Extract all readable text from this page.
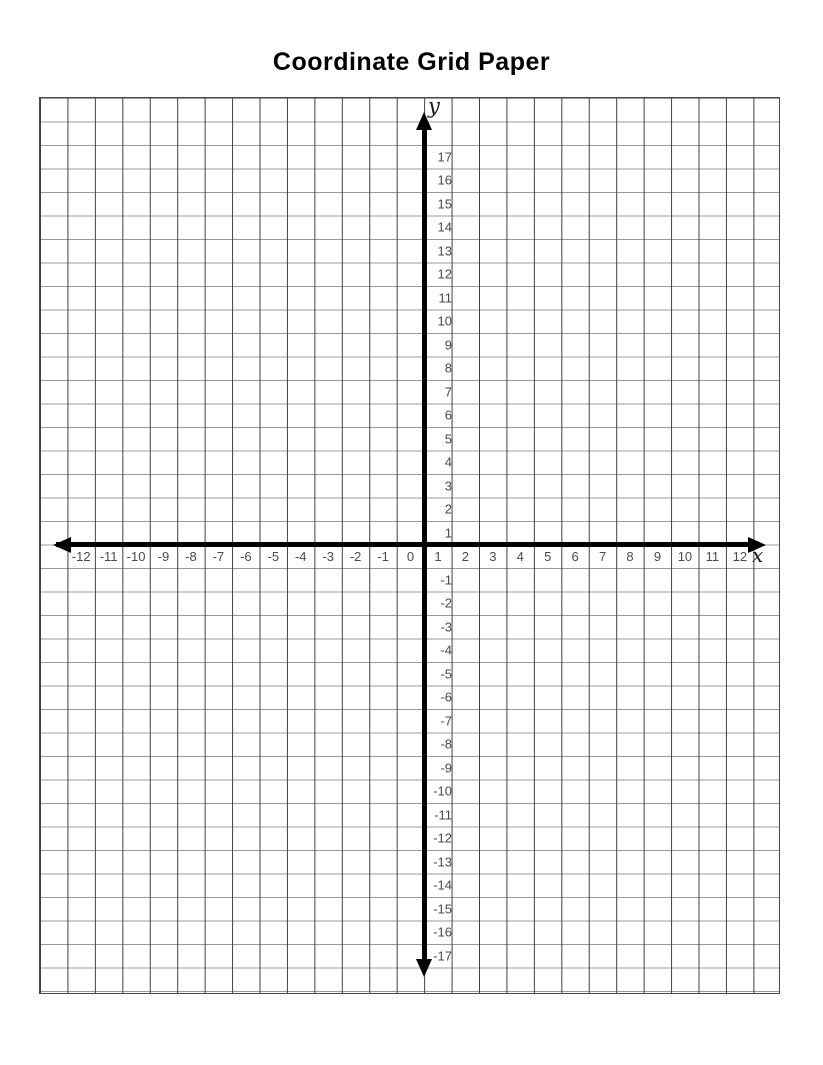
Coordinate Grid Paper
y
x
-12 -11 -10 -9 -8 -7 -6 -5 -4 -3 -2 -1 0 1 2 3 4 5 6 7 8 9 10 11 12
17
16
15
14
13
12
11
10
9
8
7
6
5
4
3
2
1
-1
-2
-3
-4
-5
-6
-7
-8
-9
-10
-11
-12
-13
-14
-15
-16
-17
